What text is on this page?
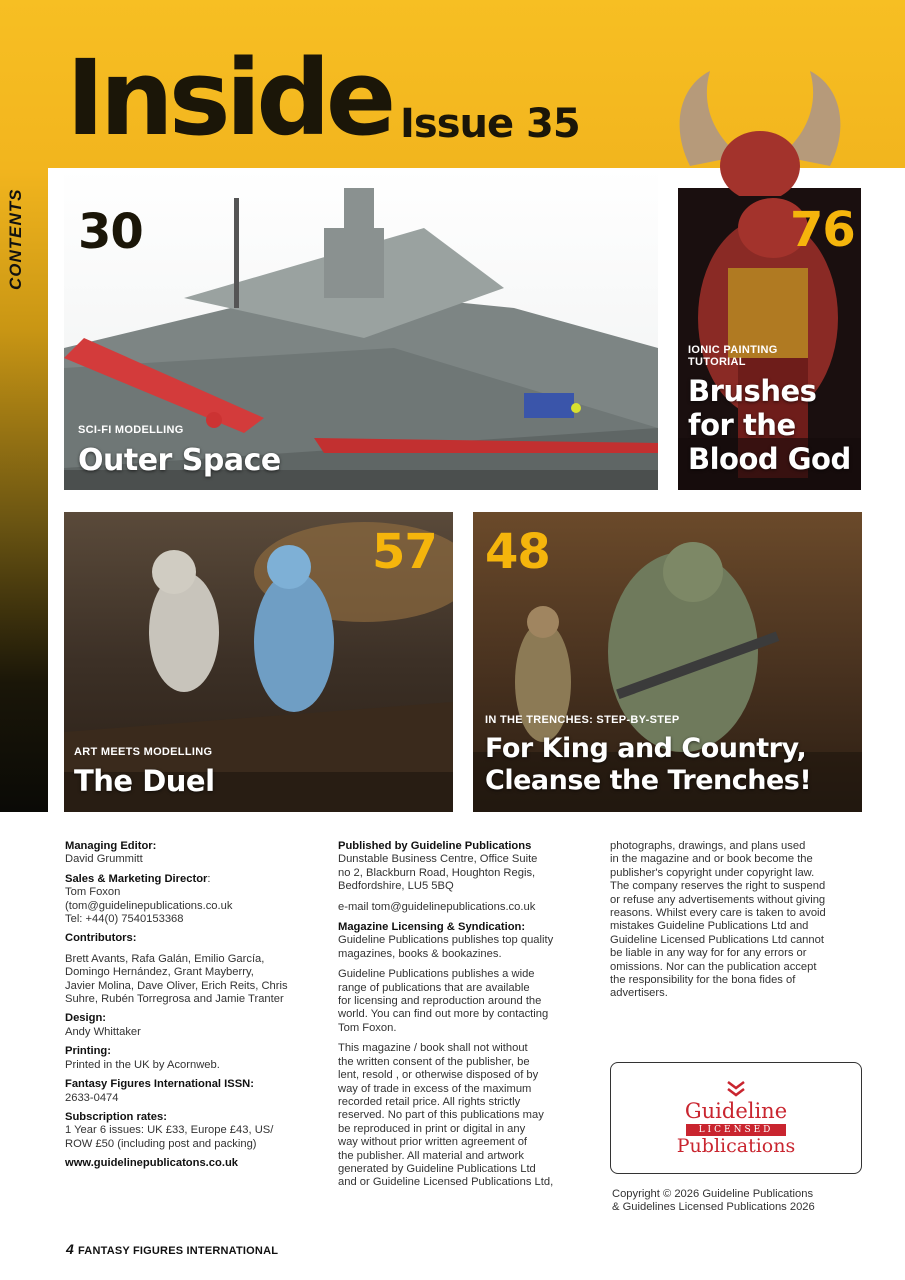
CONTENTS
Inside Issue 35
30
SCI-FI MODELLING
Outer Space
76
IONIC PAINTING
TUTORIAL
Brushes
for the
Blood God
57
ART MEETS MODELLING
The Duel
48
IN THE TRENCHES: STEP-BY-STEP
For King and Country,
Cleanse the Trenches!
Managing Editor:
David Grummitt
Sales & Marketing Director:
Tom Foxon
(tom@guidelinepublications.co.uk
Tel: +44(0) 7540153368
Contributors:
Brett Avants, Rafa Galán, Emilio García,
Domingo Hernández, Grant Mayberry,
Javier Molina, Dave Oliver, Erich Reits, Chris
Suhre, Rubén Torregrosa and Jamie Tranter
Design:
Andy Whittaker
Printing:
Printed in the UK by Acornweb.
Fantasy Figures International ISSN:
2633-0474
Subscription rates:
1 Year 6 issues: UK £33, Europe £43, US/
ROW £50 (including post and packing)
www.guidelinepublicatons.co.uk

Published by Guideline Publications
Dunstable Business Centre, Office Suite
no 2, Blackburn Road, Houghton Regis,
Bedfordshire, LU5 5BQ

e-mail tom@guidelinepublications.co.uk

Magazine Licensing & Syndication:
Guideline Publications publishes top quality
magazines, books & bookazines.

Guideline Publications publishes a wide
range of publications that are available
for licensing and reproduction around the
world. You can find out more by contacting
Tom Foxon.

This magazine / book shall not without
the written consent of the publisher, be
lent, resold , or otherwise disposed of by
way of trade in excess of the maximum
recorded retail price. All rights strictly
reserved. No part of this publications may
be reproduced in print or digital in any
way without prior written agreement of
the publisher. All material and artwork
generated by Guideline Publications Ltd
and or Guideline Licensed Publications Ltd,

photographs, drawings, and plans used
in the magazine and or book become the
publisher's copyright under copyright law.
The company reserves the right to suspend
or refuse any advertisements without giving
reasons. Whilst every care is taken to avoid
mistakes Guideline Publications Ltd and
Guideline Licensed Publications Ltd cannot
be liable in any way for for any errors or
omissions. Nor can the publication accept
the responsibility for the bona fides of
advertisers.

Guideline
LICENSED
Publications
Copyright © 2026 Guideline Publications
& Guidelines Licensed Publications 2026
4 FANTASY FIGURES INTERNATIONAL
